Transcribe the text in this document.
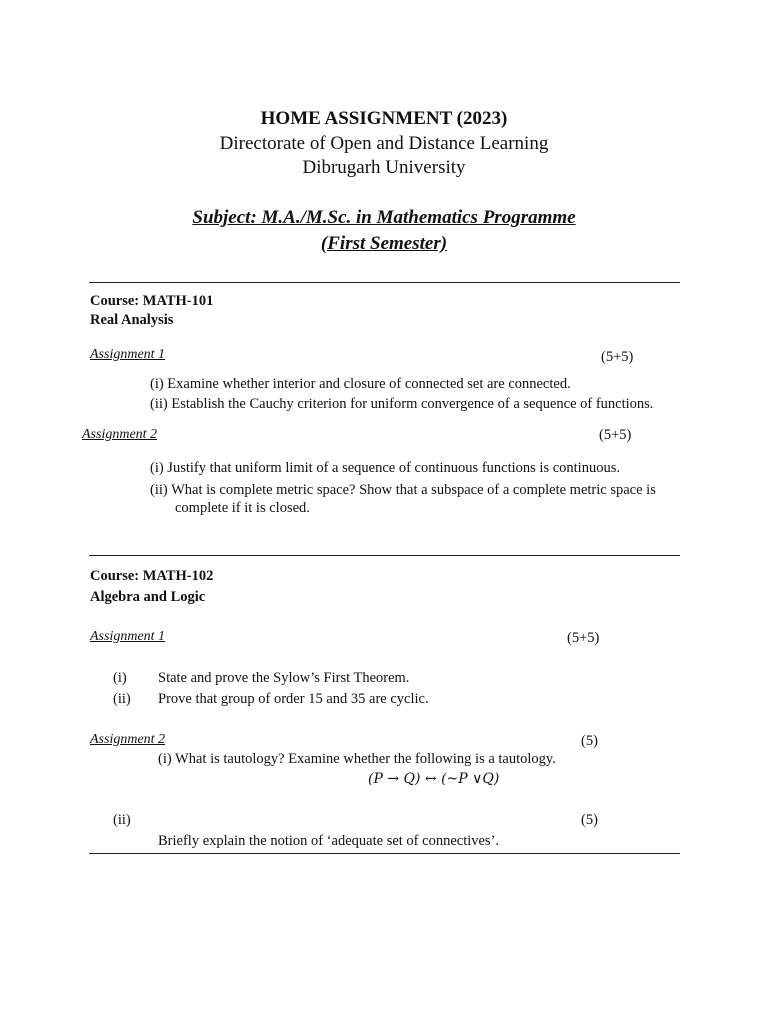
HOME ASSIGNMENT (2023)
Directorate of Open and Distance Learning
Dibrugarh University
Subject: M.A./M.Sc. in Mathematics Programme
(First Semester)
Course: MATH-101
Real Analysis
Assignment 1	(5+5)
(i) Examine whether interior and closure of connected set are connected.
(ii) Establish the Cauchy criterion for uniform convergence of a sequence of functions.
Assignment 2	(5+5)
(i) Justify that uniform limit of a sequence of continuous functions is continuous.
(ii) What is complete metric space? Show that a subspace of a complete metric space is
complete if it is closed.
Course: MATH-102
Algebra and Logic
Assignment 1	(5+5)
(i) State and prove the Sylow’s First Theorem.
(ii) Prove that group of order 15 and 35 are cyclic.
Assignment 2	(5)
(i) What is tautology? Examine whether the following is a tautology.
(P → Q) ↔ (~P ∨Q)
(ii)	(5)
Briefly explain the notion of ‘adequate set of connectives’.
